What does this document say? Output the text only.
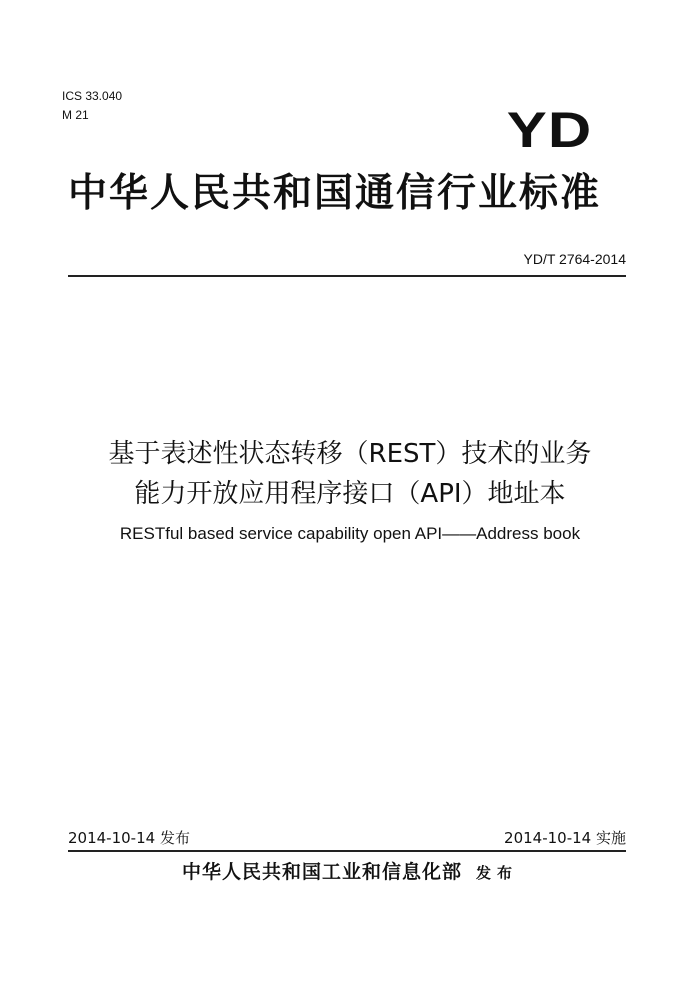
ICS 33.040
M 21	YD
中华人民共和国通信行业标准
YD/T 2764-2014
基于表述性状态转移（REST）技术的业务
能力开放应用程序接口（API）地址本
RESTful based service capability open API——Address book
2014-10-14 发布	2014-10-14 实施
中华人民共和国工业和信息化部 发布
